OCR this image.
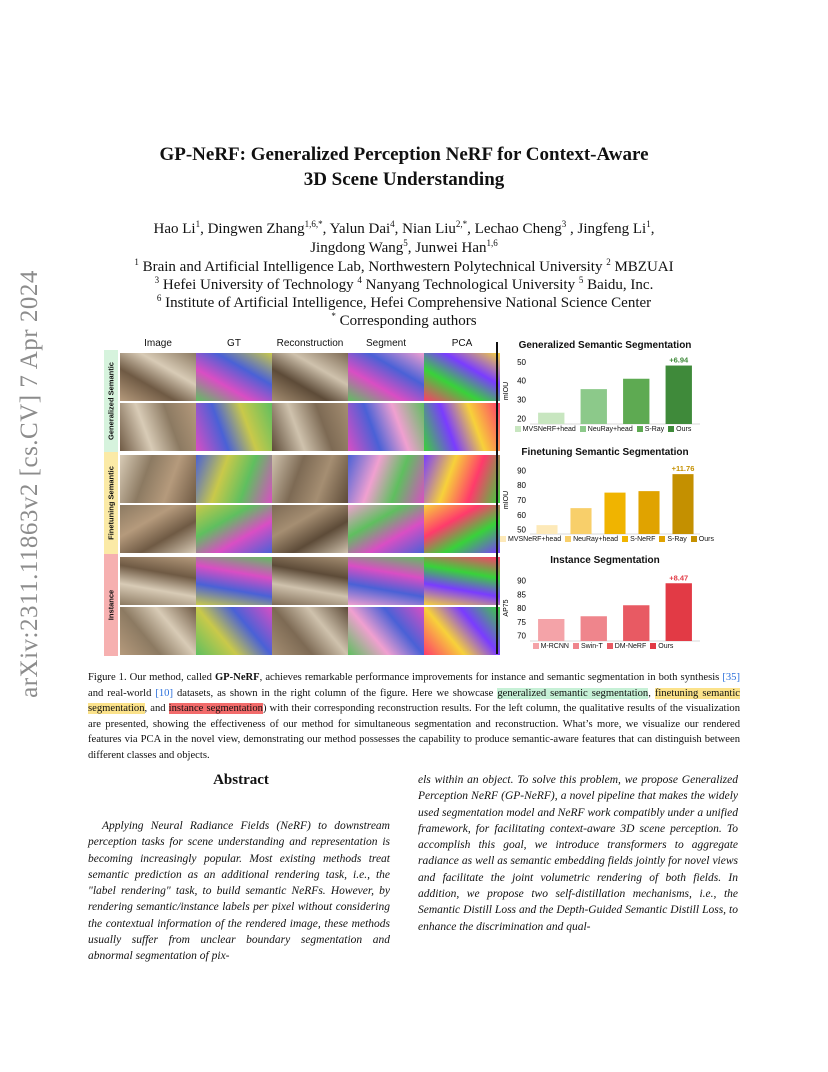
arXiv:2311.11863v2 [cs.CV] 7 Apr 2024
GP-NeRF: Generalized Perception NeRF for Context-Aware
3D Scene Understanding
Hao Li$^1$, Dingwen Zhang$^{1,6,*}$, Yalun Dai$^4$, Nian Liu$^{2,*}$, Lechao Cheng$^3$ , Jingfeng Li$^1$,
Jingdong Wang$^5$, Junwei Han$^{1,6}$
$^1$ Brain and Artificial Intelligence Lab, Northwestern Polytechnical University $^2$ MBZUAI
$^3$ Hefei University of Technology $^4$ Nanyang Technological University $^5$ Baidu, Inc.
$^6$ Institute of Artificial Intelligence, Hefei Comprehensive National Science Center
* Corresponding authors
Image	GT	Reconstruction	Segment	PCA
Generalized Semantic
Finetuning Semantic
Instance
Generalized Semantic Segmentation
mIOU
20
30
40
50	+6.94
MVSNeRF+head NeuRay+head S-Ray Ours
Finetuning Semantic Segmentation
mIOU
50
60
70
80
90	+11.76
MVSNeRF+head NeuRay+head S-NeRF S-Ray Ours
Instance Segmentation
AP75
70
75
80
85
90	+8.47
M-RCNN Swin-T DM-NeRF Ours
Figure 1. Our method, called GP-NeRF, achieves remarkable performance improvements for instance and semantic segmentation in both synthesis [35] and real-world [10] datasets, as shown in the right column of the figure. Here we showcase generalized semantic segmentation, finetuning semantic segmentation, and instance segmentation) with their corresponding reconstruction results. For the left column, the qualitative results of the visualization are presented, showing the effectiveness of our method for simultaneous segmentation and reconstruction. What’s more, we visualize our rendered features via PCA in the novel view, demonstrating our method possesses the capability to produce semantic-aware features that can distinguish between different classes and objects.
Abstract
Applying Neural Radiance Fields (NeRF) to downstream perception tasks for scene understanding and representation is becoming increasingly popular. Most existing methods treat semantic prediction as an additional rendering task, i.e., the "label rendering" task, to build semantic NeRFs. However, by rendering semantic/instance labels per pixel without considering the contextual information of the rendered image, these methods usually suffer from unclear boundary segmentation and abnormal segmentation of pix-
els within an object. To solve this problem, we propose Generalized Perception NeRF (GP-NeRF), a novel pipeline that makes the widely used segmentation model and NeRF work compatibly under a unified framework, for facilitating context-aware 3D scene perception. To accomplish this goal, we introduce transformers to aggregate radiance as well as semantic embedding fields jointly for novel views and facilitate the joint volumetric rendering of both fields. In addition, we propose two self-distillation mechanisms, i.e., the Semantic Distill Loss and the Depth-Guided Semantic Distill Loss, to enhance the discrimination and qual-
